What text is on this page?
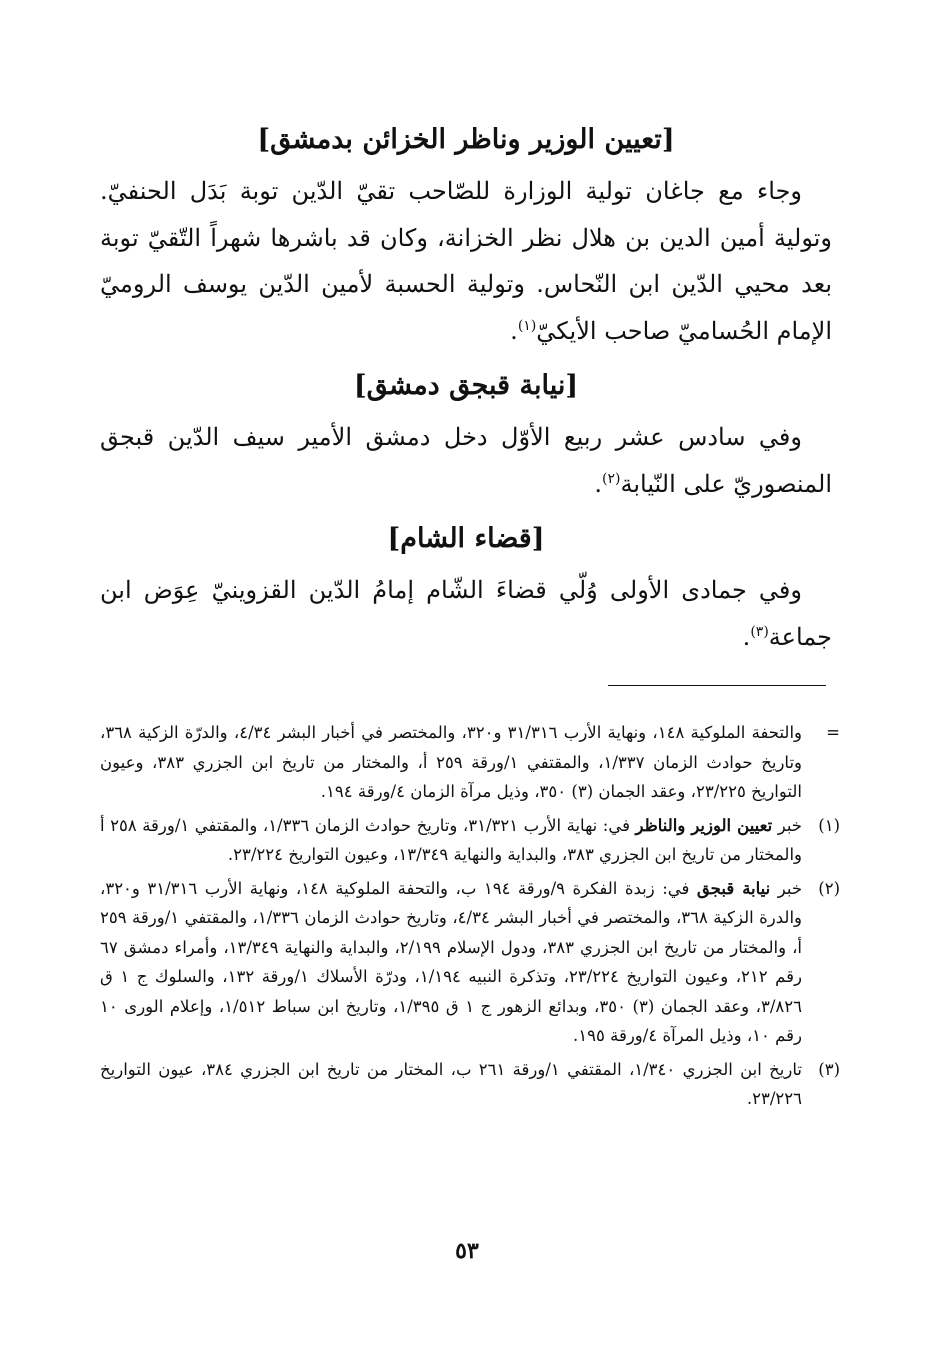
[تعيين الوزير وناظر الخزائن بدمشق]

وجاء مع جاغان تولية الوزارة للصّاحب تقيّ الدّين توبة بَدَل الحنفيّ. وتولية أمين الدين بن هلال نظر الخزانة، وكان قد باشرها شهراً التّقيّ توبة بعد محيي الدّين ابن النّحاس. وتولية الحسبة لأمين الدّين يوسف الروميّ الإمام الحُساميّ صاحب الأيكيّ$^{(١)}$.

[نيابة قبجق دمشق]

وفي سادس عشر ربيع الأوّل دخل دمشق الأمير سيف الدّين قبجق المنصوريّ على النّيابة$^{(٢)}$.

[قضاء الشام]

وفي جمادى الأولى وُلّي قضاءَ الشّام إمامُ الدّين القزوينيّ عِوَض ابن جماعة$^{(٣)}$.

=
والتحفة الملوكية ١٤٨، ونهاية الأرب ٣١/٣١٦ و٣٢٠، والمختصر في أخبار البشر ٤/٣٤، والدرّة الزكية ٣٦٨، وتاريخ حوادث الزمان ١/٣٣٧، والمقتفي ١/ورقة ٢٥٩ أ، والمختار من تاريخ ابن الجزري ٣٨٣، وعيون التواريخ ٢٣/٢٢٥، وعقد الجمان (٣) ٣٥٠، وذيل مرآة الزمان ٤/ورقة ١٩٤.
(١)
خبر تعيين الوزير والناظر في: نهاية الأرب ٣١/٣٢١، وتاريخ حوادث الزمان ١/٣٣٦، والمقتفي ١/ورقة ٢٥٨ أ والمختار من تاريخ ابن الجزري ٣٨٣، والبداية والنهاية ١٣/٣٤٩، وعيون التواريخ ٢٣/٢٢٤.
(٢)
خبر نيابة قبجق في: زبدة الفكرة ٩/ورقة ١٩٤ ب، والتحفة الملوكية ١٤٨، ونهاية الأرب ٣١/٣١٦ و٣٢٠، والدرة الزكية ٣٦٨، والمختصر في أخبار البشر ٤/٣٤، وتاريخ حوادث الزمان ١/٣٣٦، والمقتفي ١/ورقة ٢٥٩ أ، والمختار من تاريخ ابن الجزري ٣٨٣، ودول الإسلام ٢/١٩٩، والبداية والنهاية ١٣/٣٤٩، وأمراء دمشق ٦٧ رقم ٢١٢، وعيون التواريخ ٢٣/٢٢٤، وتذكرة النبيه ١/١٩٤، ودرّة الأسلاك ١/ورقة ١٣٢، والسلوك ج ١ ق ٣/٨٢٦، وعقد الجمان (٣) ٣٥٠، وبدائع الزهور ج ١ ق ١/٣٩٥، وتاريخ ابن سباط ١/٥١٢، وإعلام الورى ١٠ رقم ١٠، وذيل المرآة ٤/ورقة ١٩٥.
(٣)
تاريخ ابن الجزري ١/٣٤٠، المقتفي ١/ورقة ٢٦١ ب، المختار من تاريخ ابن الجزري ٣٨٤، عيون التواريخ ٢٣/٢٢٦.
٥٣
